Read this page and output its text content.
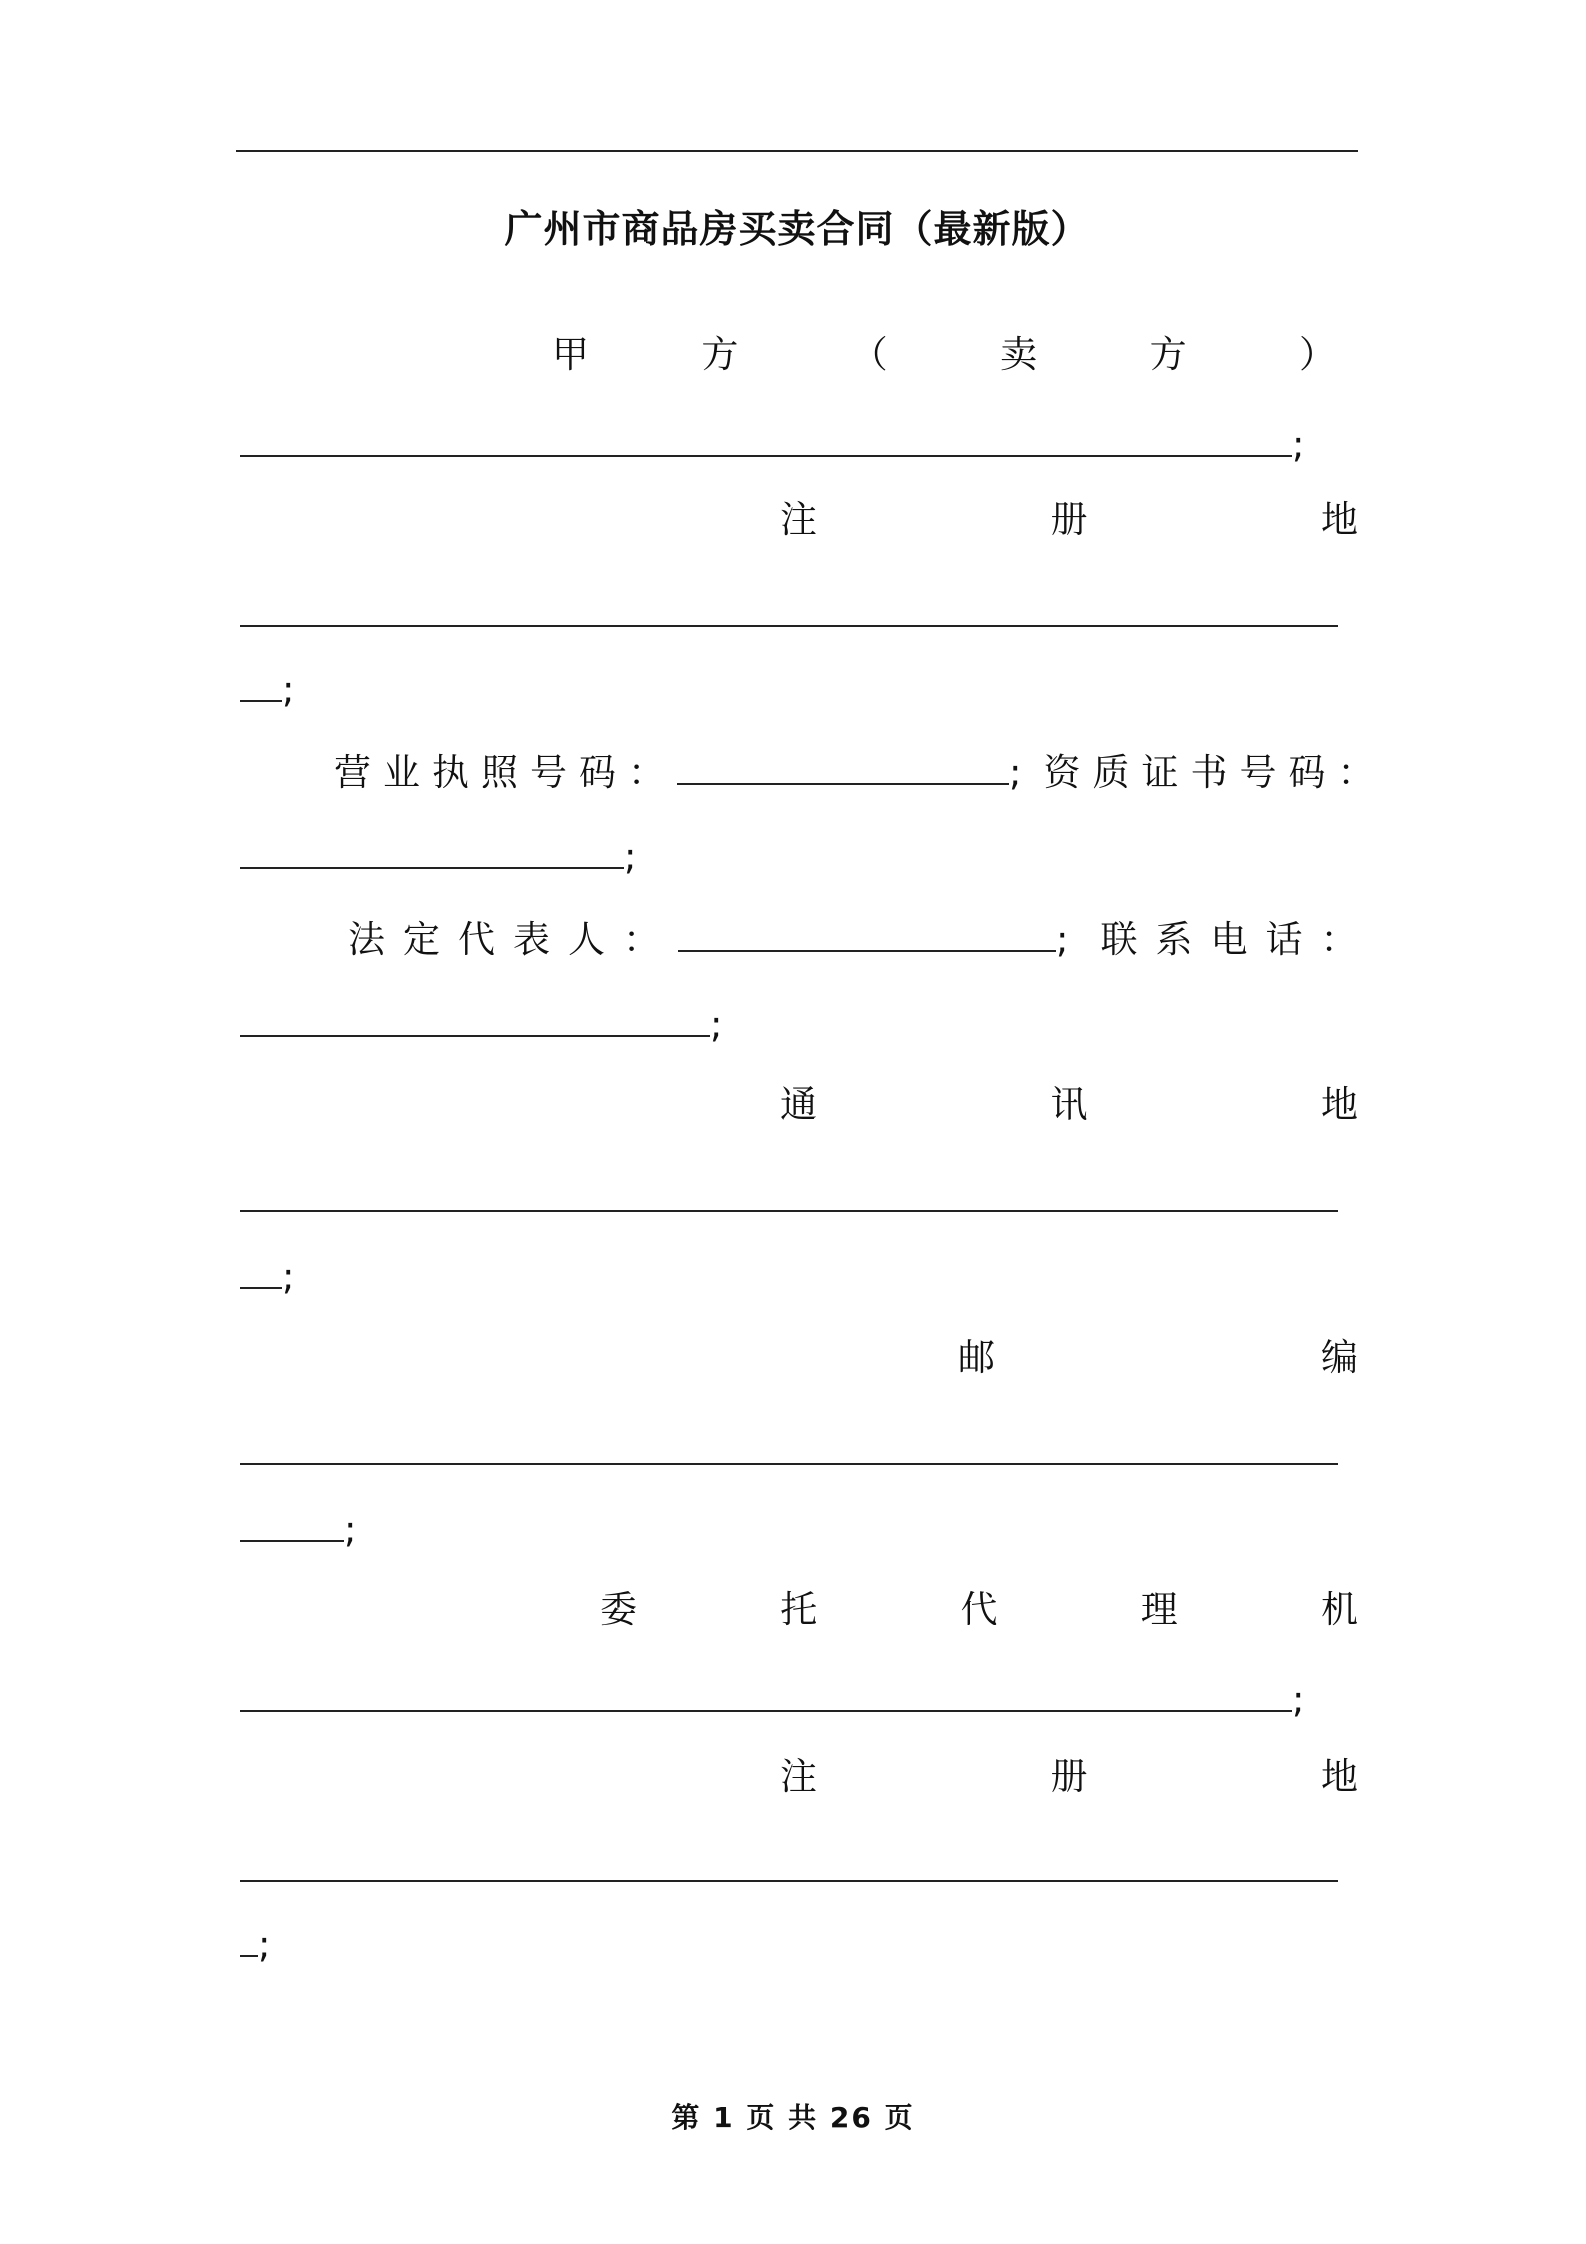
广州市商品房买卖合同（最新版）
甲	方	（	卖	方	）
;
注	册	地
;
营业执照号码：	; 资质证书号码：
;
法定代表人：	; 联系电话：
;
通	讯	地
;
邮	编
;
委	托	代	理	机
;
注	册	地
;
第 1 页 共 26 页
